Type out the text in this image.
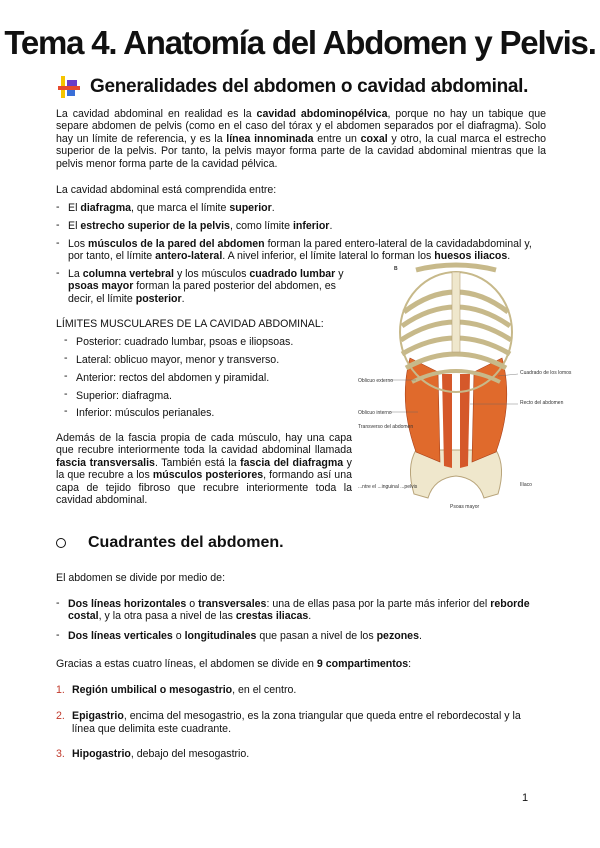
Tema 4. Anatomía del Abdomen y Pelvis.
Generalidades del abdomen o cavidad abdominal.
La cavidad abdominal en realidad es la cavidad abdominopélvica, porque no hay un tabique que separe abdomen de pelvis (como en el caso del tórax y el abdomen separados por el diafragma). Solo hay un límite de referencia, y es la línea innominada entre un coxal y otro, la cual marca el estrecho superior de la pelvis. Por tanto, la pelvis mayor forma parte de la cavidad abdominal mientras que la pelvis menor forma parte de la cavidad pélvica.
La cavidad abdominal está comprendida entre:
- El diafragma, que marca el límite superior.
- El estrecho superior de la pelvis, como límite inferior.
- Los músculos de la pared del abdomen forman la pared entero-lateral de la cavidadabdominal y, por tanto, el límite antero-lateral. A nivel inferior, el límite lateral lo forman los huesos iliacos.
- La columna vertebral y los músculos cuadrado lumbar y psoas mayor forman la pared posterior del abdomen, es decir, el límite posterior.
LÍMITES MUSCULARES DE LA CAVIDAD ABDOMINAL:
- Posterior: cuadrado lumbar, psoas e iliopsoas.
- Lateral: oblicuo mayor, menor y transverso.
- Anterior: rectos del abdomen y piramidal.
- Superior: diafragma.
- Inferior: músculos perianales.
Además de la fascia propia de cada músculo, hay una capa que recubre interiormente toda la cavidad abdominal llamada fascia transversalis. También está la fascia del diafragma y la que recubre a los músculos posteriores, formando así una capa de tejido fibroso que recubre interiormente toda la cavidad abdominal.
B
Oblicuo externo
Oblicuo interno
Transverso del abdomen
Cuadrado de los lomos
Recto del abdomen
Ilíaco
Psoas mayor
...ntre el ...inguinal ...pelvis
Cuadrantes del abdomen.
El abdomen se divide por medio de:
- Dos líneas horizontales o transversales: una de ellas pasa por la parte más inferior del reborde costal, y la otra pasa a nivel de las crestas iliacas.
- Dos líneas verticales o longitudinales que pasan a nivel de los pezones.
Gracias a estas cuatro líneas, el abdomen se divide en 9 compartimentos:
1. Región umbilical o mesogastrio, en el centro.
2. Epigastrio, encima del mesogastrio, es la zona triangular que queda entre el rebordecostal y la línea que delimita este cuadrante.
3. Hipogastrio, debajo del mesogastrio.
1
